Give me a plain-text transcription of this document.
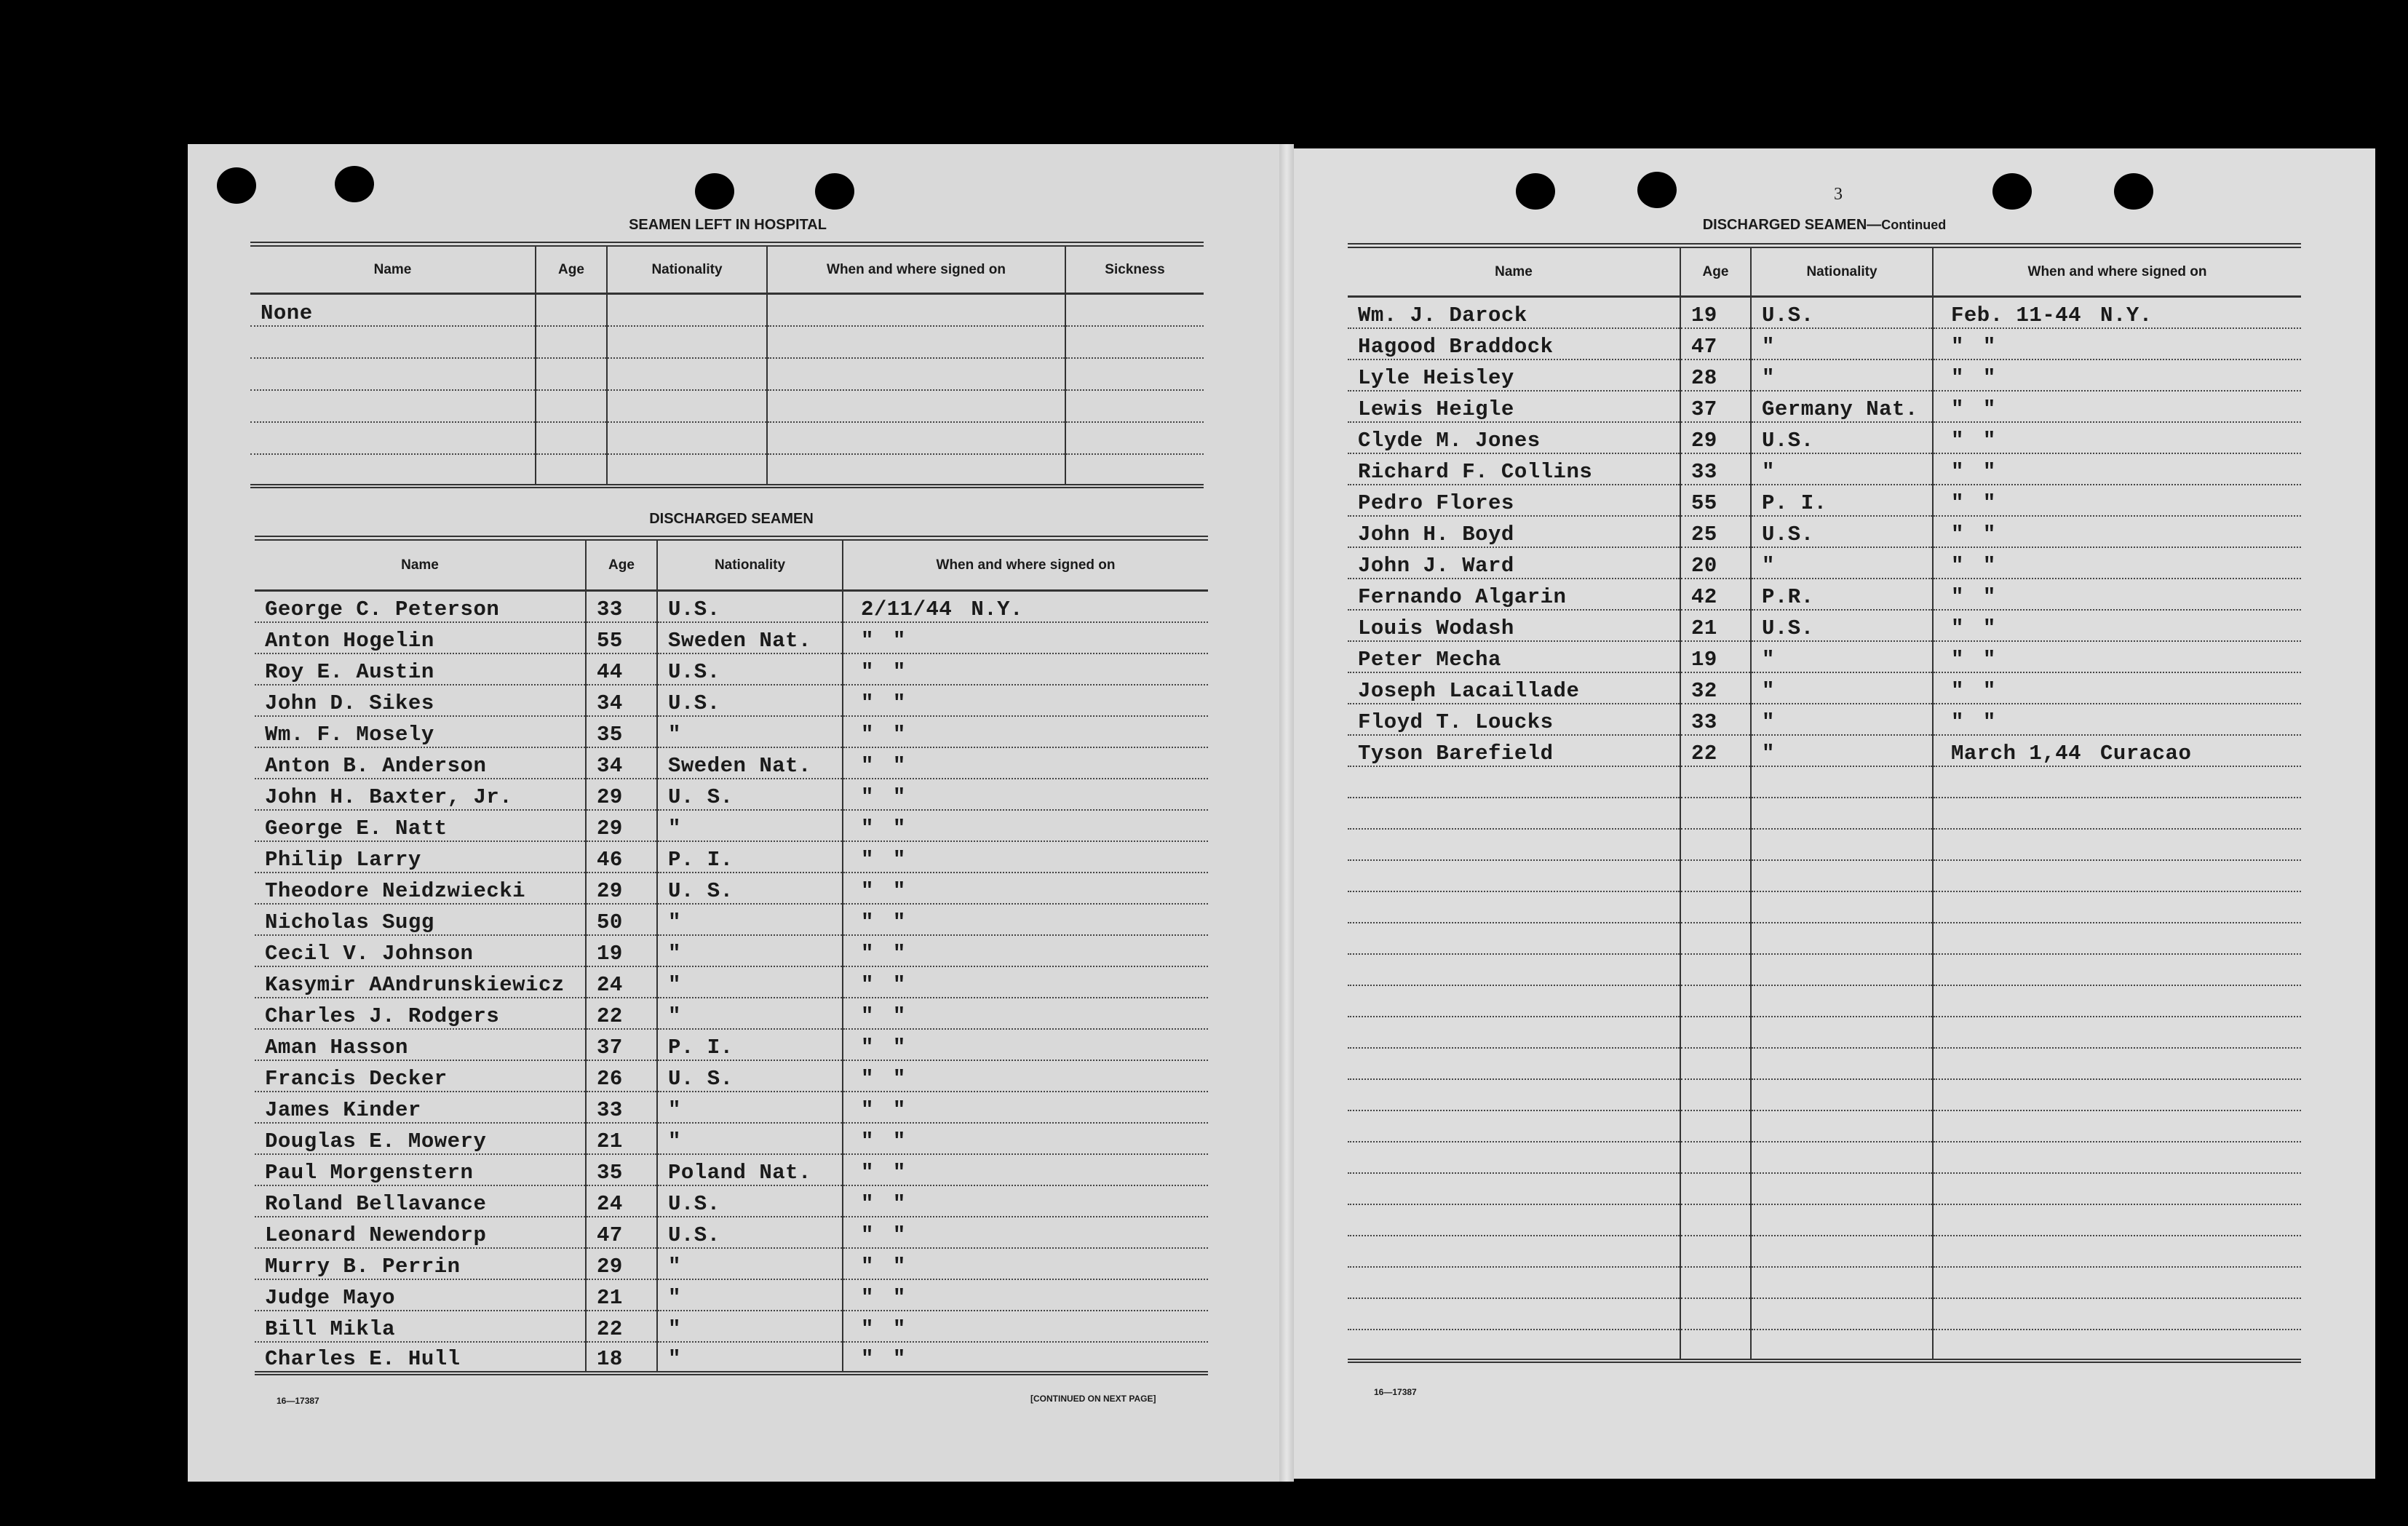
SEAMEN LEFT IN HOSPITAL
Name	Age	Nationality	When and where signed on	Sickness
None				

DISCHARGED SEAMEN
Name	Age	Nationality	When and where signed on
George C. Peterson	33	U.S.	2/11/44 N.Y.
Anton Hogelin	55	Sweden Nat.	" "
Roy E. Austin	44	U.S.	" "
John D. Sikes	34	U.S.	" "
Wm. F. Mosely	35	"	" "
Anton B. Anderson	34	Sweden Nat.	" "
John H. Baxter, Jr.	29	U. S.	" "
George E. Natt	29	"	" "
Philip Larry	46	P. I.	" "
Theodore Neidzwiecki	29	U. S.	" "
Nicholas Sugg	50	"	" "
Cecil V. Johnson	19	"	" "
Kasymir AAndrunskiewicz	24	"	" "
Charles J. Rodgers	22	"	" "
Aman Hasson	37	P. I.	" "
Francis Decker	26	U. S.	" "
James Kinder	33	"	" "
Douglas E. Mowery	21	"	" "
Paul Morgenstern	35	Poland Nat.	" "
Roland Bellavance	24	U.S.	" "
Leonard Newendorp	47	U.S.	" "
Murry B. Perrin	29	"	" "
Judge Mayo	21	"	" "
Bill Mikla	22	"	" "
Charles E. Hull	18	"	" "
16—17387	[CONTINUED ON NEXT PAGE]
3
DISCHARGED SEAMEN—Continued
Name	Age	Nationality	When and where signed on
Wm. J. Darock	19	U.S.	Feb. 11-44 N.Y.
Hagood Braddock	47	"	" "
Lyle Heisley	28	"	" "
Lewis Heigle	37	Germany Nat.	" "
Clyde M. Jones	29	U.S.	" "
Richard F. Collins	33	"	" "
Pedro Flores	55	P. I.	" "
John H. Boyd	25	U.S.	" "
John J. Ward	20	"	" "
Fernando Algarin	42	P.R.	" "
Louis Wodash	21	U.S.	" "
Peter Mecha	19	"	" "
Joseph Lacaillade	32	"	" "
Floyd T. Loucks	33	"	" "
Tyson Barefield	22	"	March 1,44 Curacao

16—17387
